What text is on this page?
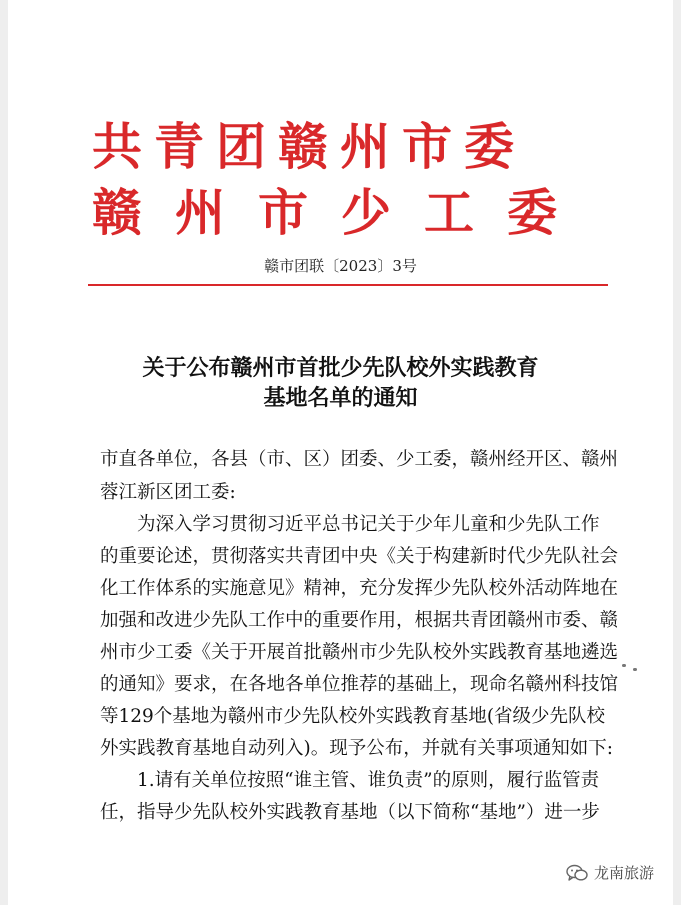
共青团赣州市委
赣州市少工委
赣市团联〔2023〕3号
关于公布赣州市首批少先队校外实践教育
基地名单的通知
市直各单位，各县（市、区）团委、少工委，赣州经开区、赣州
蓉江新区团工委:
　　为深入学习贯彻习近平总书记关于少年儿童和少先队工作
的重要论述，贯彻落实共青团中央《关于构建新时代少先队社会
化工作体系的实施意见》精神，充分发挥少先队校外活动阵地在
加强和改进少先队工作中的重要作用，根据共青团赣州市委、赣
州市少工委《关于开展首批赣州市少先队校外实践教育基地遴选
的通知》要求，在各地各单位推荐的基础上，现命名赣州科技馆
等129个基地为赣州市少先队校外实践教育基地(省级少先队校
外实践教育基地自动列入)。现予公布，并就有关事项通知如下:
　　1.请有关单位按照“谁主管、谁负责”的原则，履行监管责
任，指导少先队校外实践教育基地（以下简称“基地”）进一步
龙南旅游
